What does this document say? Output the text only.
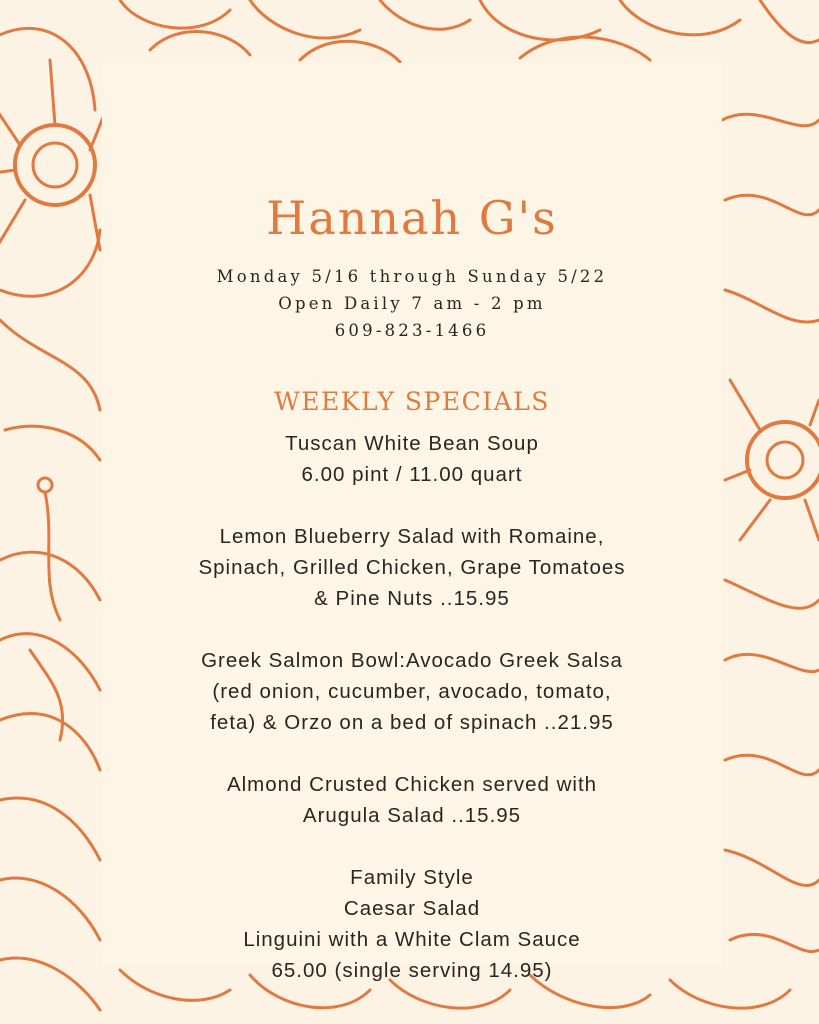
Hannah G's
Monday 5/16 through Sunday 5/22
Open Daily 7 am - 2 pm
609-823-1466
WEEKLY SPECIALS
Tuscan White Bean Soup
6.00 pint / 11.00 quart
Lemon Blueberry Salad with Romaine,
Spinach, Grilled Chicken, Grape Tomatoes
& Pine Nuts ..15.95
Greek Salmon Bowl:Avocado Greek Salsa
(red onion, cucumber, avocado, tomato,
feta) & Orzo on a bed of spinach ..21.95
Almond Crusted Chicken served with
Arugula Salad ..15.95
Family Style
Caesar Salad
Linguini with a White Clam Sauce
65.00 (single serving 14.95)
